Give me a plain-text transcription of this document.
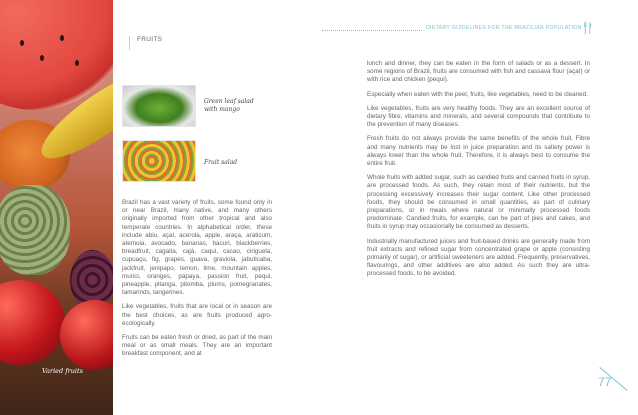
Varied fruits
DIETARY GUIDELINES FOR THE BRAZILIAN POPULATION
FRUITS
Green leaf salad with mango
Fruit salad

Brazil has a vast variety of fruits, some found only in or near Brazil, many native, and many others originally imported from other tropical and also temperate countries. In alphabetical order, these include abiu, açaí, acerola, apple, araça, araticum, atemoia, avocado, bananas, bacuri, blackberries, breadfruit, cagaita, cajá, caqui, cacao, ciriguela, cupuaçu, fig, grapes, guava, graviola, jabuticaba, jackfruit, jenipapo, lemon, lime, mountain apples, murici, oranges, papaya, passion fruit, pequi, pineapple, pitanga, pitomba, plums, pomegranates, tamarinds, tangerines.

Like vegetables, fruits that are local or in season are the best choices, as are fruits produced agro-ecologically.

Fruits can be eaten fresh or dried, as part of the main meal or as small meals. They are an important breakfast component, and at

lunch and dinner, they can be eaten in the form of salads or as a dessert. In some regions of Brazil, fruits are consumed with fish and cassava flour (açaí) or with rice and chicken (pequi).

Especially when eaten with the peel, fruits, like vegetables, need to be cleaned.

Like vegetables, fruits are very healthy foods. They are an excellent source of dietary fibre, vitamins and minerals, and several compounds that contribute to the prevention of many diseases.

Fresh fruits do not always provide the same benefits of the whole fruit. Fibre and many nutrients may be lost in juice preparation and its satiety power is always lower than the whole fruit. Therefore, it is always best to consume the entire fruit.

Whole fruits with added sugar, such as candied fruits and canned fruits in syrup, are processed foods. As such, they retain most of their nutrients, but the processing excessively increases their sugar content. Like other processed foods, they should be consumed in small quantities, as part of culinary preparations, or in meals where natural or minimally processed foods predominate. Candied fruits, for example, can be part of pies and cakes, and fruits in syrup may occasionally be consumed as desserts.

Industrially manufactured juices and fruit-based drinks are generally made from fruit extracts and refined sugar from concentrated grape or apple (consisting primarily of sugar), or artificial sweeteners are added. Frequently, preservatives, flavourings, and other additives are also added. As such they are ultra-processed foods, to be avoided.

77
